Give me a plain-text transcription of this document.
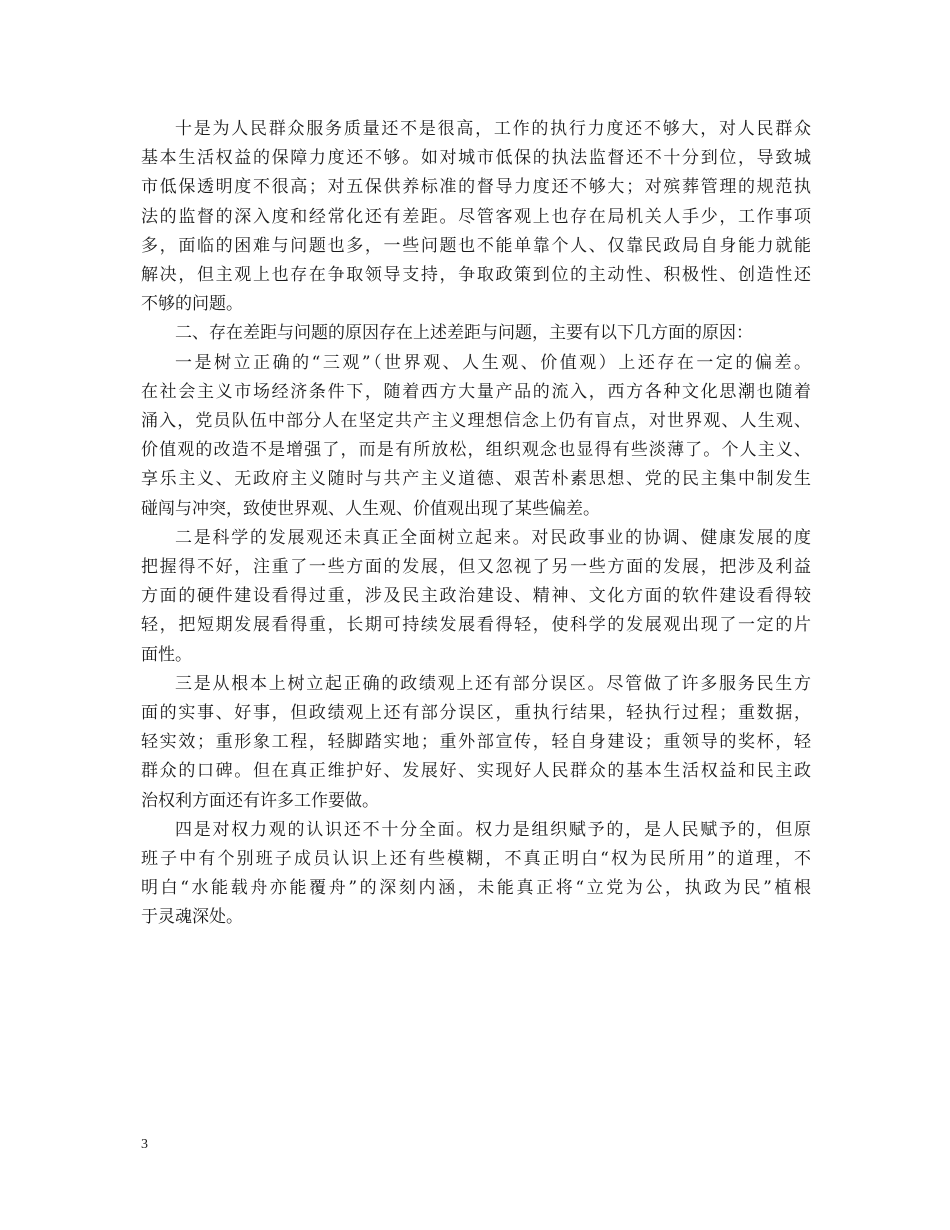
十是为人民群众服务质量还不是很高，工作的执行力度还不够大，对人民群众
基本生活权益的保障力度还不够。如对城市低保的执法监督还不十分到位，导致城
市低保透明度不很高；对五保供养标准的督导力度还不够大；对殡葬管理的规范执
法的监督的深入度和经常化还有差距。尽管客观上也存在局机关人手少，工作事项
多，面临的困难与问题也多，一些问题也不能单靠个人、仅靠民政局自身能力就能
解决，但主观上也存在争取领导支持，争取政策到位的主动性、积极性、创造性还
不够的问题。
二、存在差距与问题的原因存在上述差距与问题，主要有以下几方面的原因：
一是树立正确的“三观”（世界观、人生观、价值观）上还存在一定的偏差。
在社会主义市场经济条件下，随着西方大量产品的流入，西方各种文化思潮也随着
涌入，党员队伍中部分人在坚定共产主义理想信念上仍有盲点，对世界观、人生观、
价值观的改造不是增强了，而是有所放松，组织观念也显得有些淡薄了。个人主义、
享乐主义、无政府主义随时与共产主义道德、艰苦朴素思想、党的民主集中制发生
碰闯与冲突，致使世界观、人生观、价值观出现了某些偏差。
二是科学的发展观还未真正全面树立起来。对民政事业的协调、健康发展的度
把握得不好，注重了一些方面的发展，但又忽视了另一些方面的发展，把涉及利益
方面的硬件建设看得过重，涉及民主政治建设、精神、文化方面的软件建设看得较
轻，把短期发展看得重，长期可持续发展看得轻，使科学的发展观出现了一定的片
面性。
三是从根本上树立起正确的政绩观上还有部分误区。尽管做了许多服务民生方
面的实事、好事，但政绩观上还有部分误区，重执行结果，轻执行过程；重数据，
轻实效；重形象工程，轻脚踏实地；重外部宣传，轻自身建设；重领导的奖杯，轻
群众的口碑。但在真正维护好、发展好、实现好人民群众的基本生活权益和民主政
治权利方面还有许多工作要做。
四是对权力观的认识还不十分全面。权力是组织赋予的，是人民赋予的，但原
班子中有个别班子成员认识上还有些模糊，不真正明白“权为民所用”的道理，不
明白“水能载舟亦能覆舟”的深刻内涵，未能真正将“立党为公，执政为民”植根
于灵魂深处。
3
